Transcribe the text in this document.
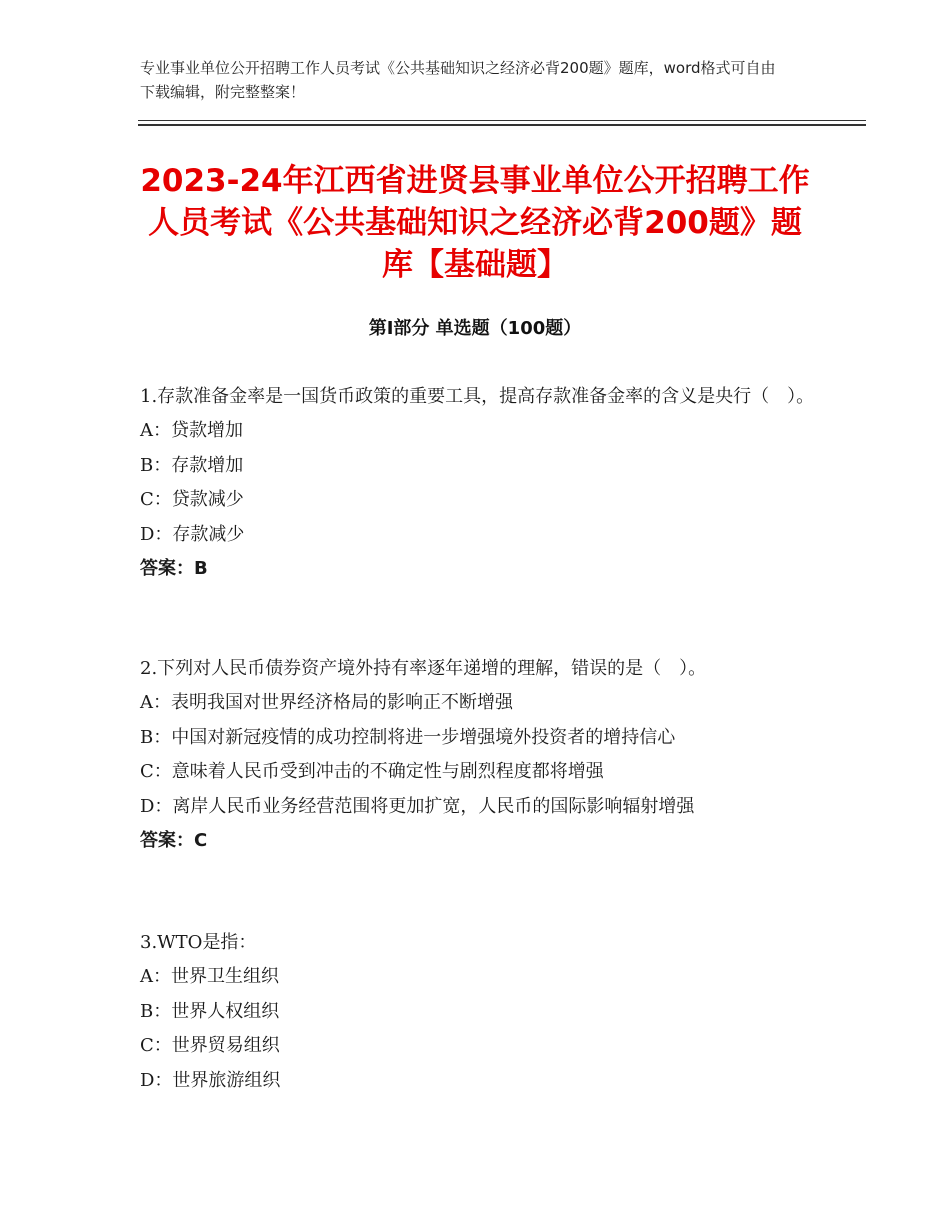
专业事业单位公开招聘工作人员考试《公共基础知识之经济必背200题》题库，word格式可自由下载编辑，附完整整案！
2023-24年江西省进贤县事业单位公开招聘工作人员考试《公共基础知识之经济必背200题》题库【基础题】
第Ⅰ部分 单选题（100题）
1.存款准备金率是一国货币政策的重要工具，提高存款准备金率的含义是央行（　）。
A：贷款增加
B：存款增加
C：贷款减少
D：存款减少
答案：B
2.下列对人民币债券资产境外持有率逐年递增的理解，错误的是（　）。
A：表明我国对世界经济格局的影响正不断增强
B：中国对新冠疫情的成功控制将进一步增强境外投资者的增持信心
C：意味着人民币受到冲击的不确定性与剧烈程度都将增强
D：离岸人民币业务经营范围将更加扩宽，人民币的国际影响辐射增强
答案：C
3.WTO是指：
A：世界卫生组织
B：世界人权组织
C：世界贸易组织
D：世界旅游组织
